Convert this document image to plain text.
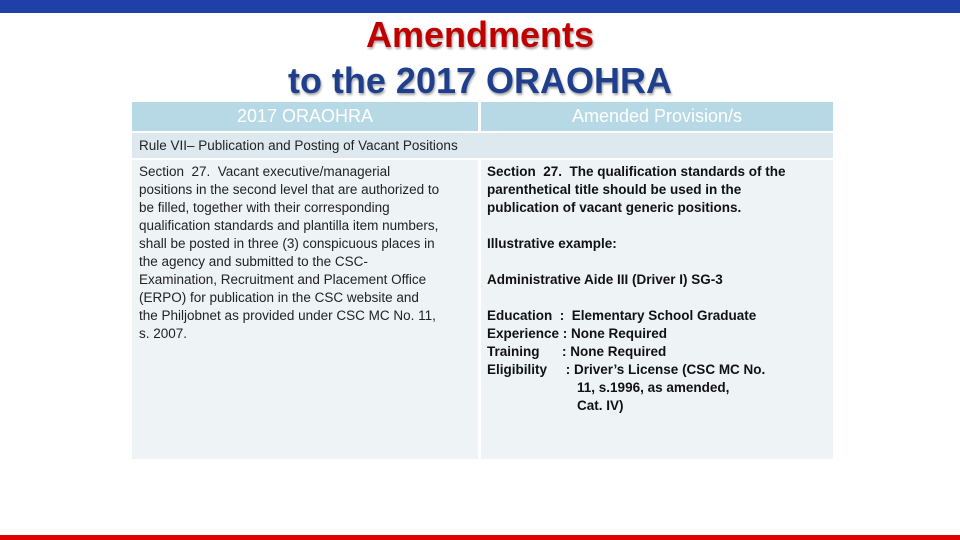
Amendments
to the 2017 ORAOHRA
2017 ORAOHRA	Amended Provision/s
Rule VII– Publication and Posting of Vacant Positions
Section  27.  Vacant executive/managerial
positions in the second level that are authorized to
be filled, together with their corresponding
qualification standards and plantilla item numbers,
shall be posted in three (3) conspicuous places in
the agency and submitted to the CSC-
Examination, Recruitment and Placement Office
(ERPO) for publication in the CSC website and
the Philjobnet as provided under CSC MC No. 11,
s. 2007.
Section  27.  The qualification standards of the
parenthetical title should be used in the
publication of vacant generic positions.
Illustrative example:
Administrative Aide III (Driver I) SG-3
Education  :  Elementary School Graduate
Experience : None Required
Training      : None Required
Eligibility     : Driver’s License (CSC MC No.
11, s.1996, as amended,
Cat. IV)
